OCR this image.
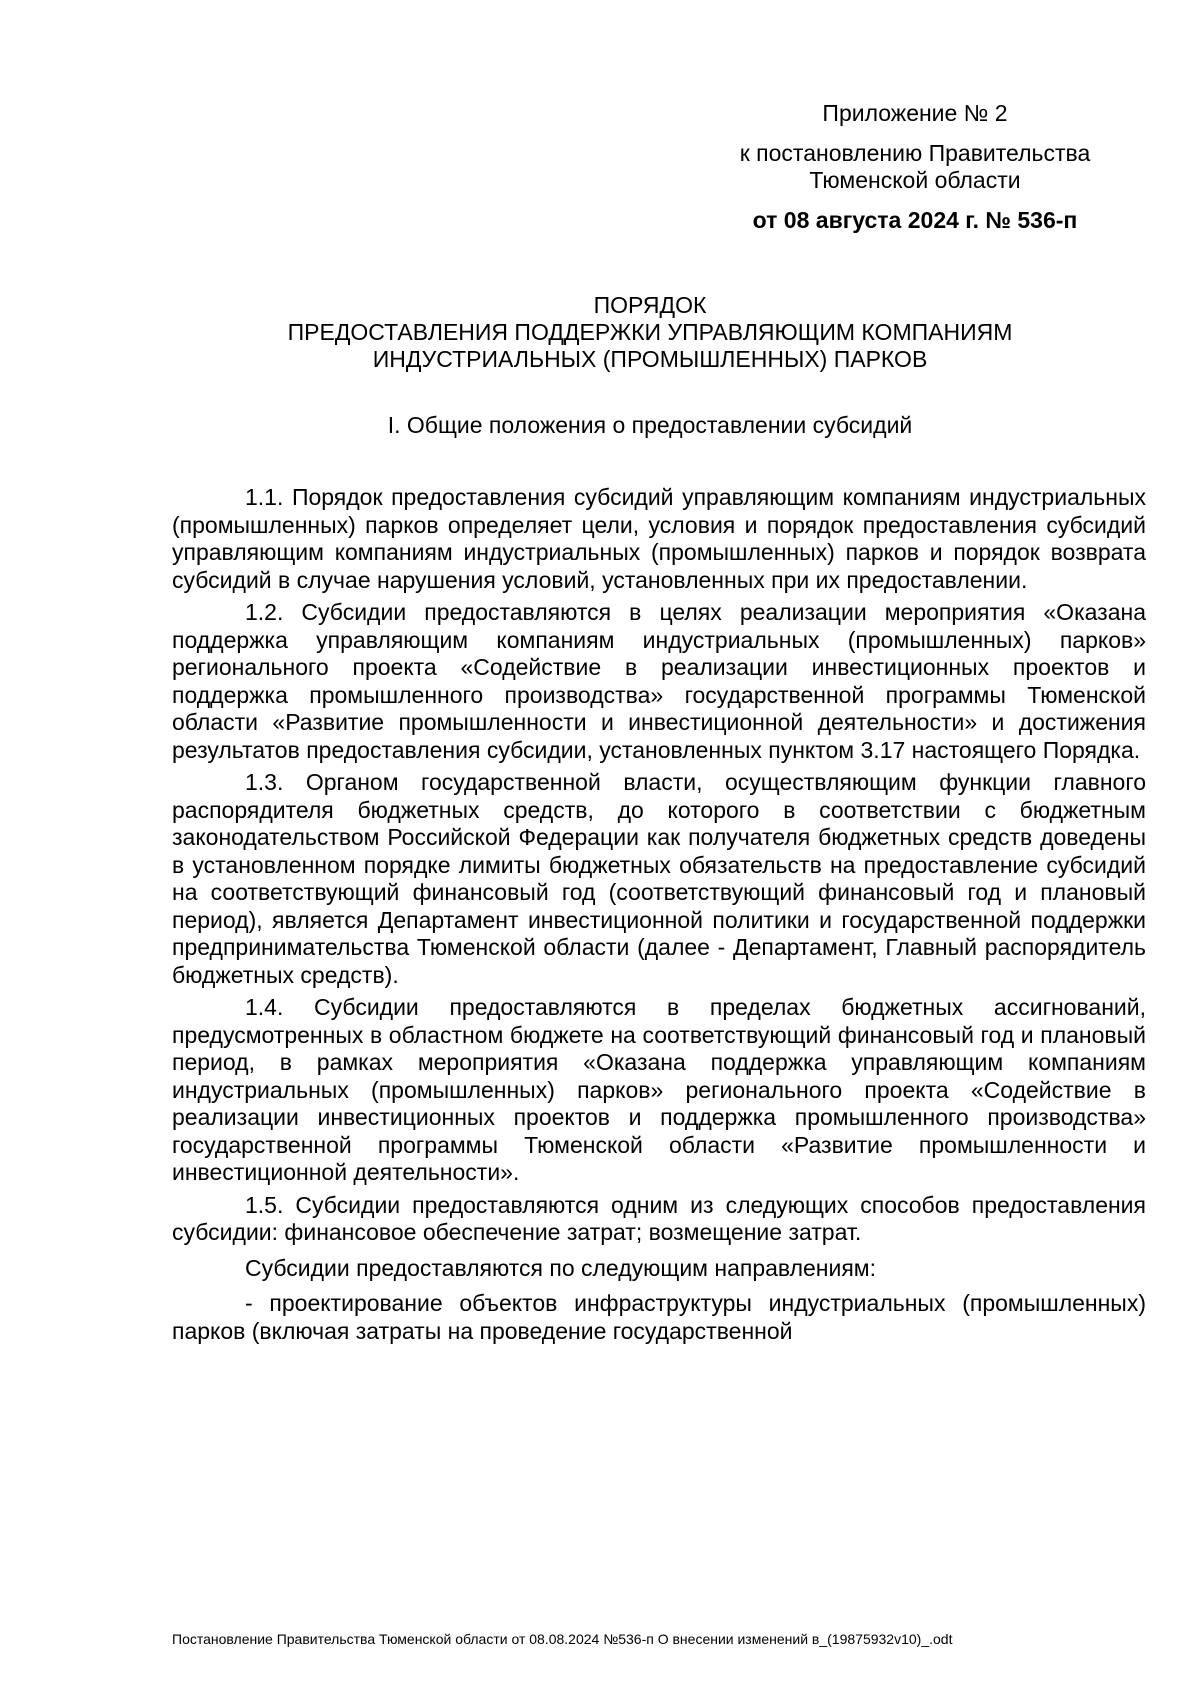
Приложение № 2

к постановлению Правительства
Тюменской области

от 08 августа 2024 г. № 536-п

ПОРЯДОК
ПРЕДОСТАВЛЕНИЯ ПОДДЕРЖКИ УПРАВЛЯЮЩИМ КОМПАНИЯМ
ИНДУСТРИАЛЬНЫХ (ПРОМЫШЛЕННЫХ) ПАРКОВ
I. Общие положения о предоставлении субсидий

1.1. Порядок предоставления субсидий управляющим компаниям индустриальных (промышленных) парков определяет цели, условия и порядок предоставления субсидий управляющим компаниям индустриальных (промышленных) парков и порядок возврата субсидий в случае нарушения условий, установленных при их предоставлении.

1.2. Субсидии предоставляются в целях реализации мероприятия «Оказана поддержка управляющим компаниям индустриальных (промышленных) парков» регионального проекта «Содействие в реализации инвестиционных проектов и поддержка промышленного производства» государственной программы Тюменской области «Развитие промышленности и инвестиционной деятельности» и достижения результатов предоставления субсидии, установленных пунктом 3.17 настоящего Порядка.

1.3. Органом государственной власти, осуществляющим функции главного распорядителя бюджетных средств, до которого в соответствии с бюджетным законодательством Российской Федерации как получателя бюджетных средств доведены в установленном порядке лимиты бюджетных обязательств на предоставление субсидий на соответствующий финансовый год (соответствующий финансовый год и плановый период), является Департамент инвестиционной политики и государственной поддержки предпринимательства Тюменской области (далее - Департамент, Главный распорядитель бюджетных средств).

1.4. Субсидии предоставляются в пределах бюджетных ассигнований, предусмотренных в областном бюджете на соответствующий финансовый год и плановый период, в рамках мероприятия «Оказана поддержка управляющим компаниям индустриальных (промышленных) парков» регионального проекта «Содействие в реализации инвестиционных проектов и поддержка промышленного производства» государственной программы Тюменской области «Развитие промышленности и инвестиционной деятельности».

1.5. Субсидии предоставляются одним из следующих способов предоставления субсидии: финансовое обеспечение затрат; возмещение затрат.

Субсидии предоставляются по следующим направлениям:

- проектирование объектов инфраструктуры индустриальных (промышленных) парков (включая затраты на проведение государственной

Постановление Правительства Тюменской области от 08.08.2024 №536-п О внесении изменений в_(19875932v10)_.odt
